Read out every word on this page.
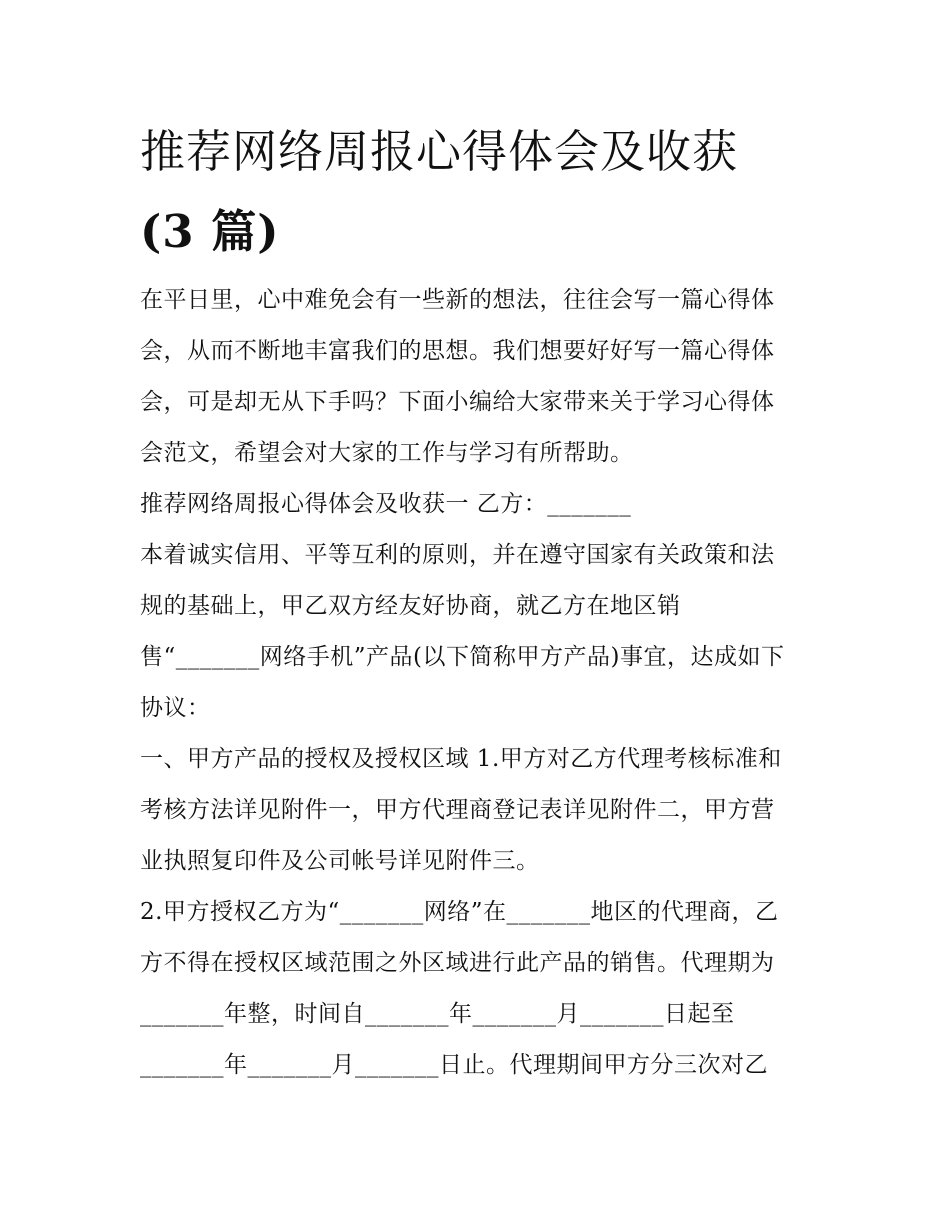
推荐网络周报心得体会及收获
(3 篇)
在平日里，心中难免会有一些新的想法，往往会写一篇心得体
会，从而不断地丰富我们的思想。我们想要好好写一篇心得体
会，可是却无从下手吗？下面小编给大家带来关于学习心得体
会范文，希望会对大家的工作与学习有所帮助。
推荐网络周报心得体会及收获一 乙方：_______
本着诚实信用、平等互利的原则，并在遵守国家有关政策和法
规的基础上，甲乙双方经友好协商，就乙方在地区销
售“_______网络手机”产品(以下简称甲方产品)事宜，达成如下
协议：
一、甲方产品的授权及授权区域 1.甲方对乙方代理考核标准和
考核方法详见附件一，甲方代理商登记表详见附件二，甲方营
业执照复印件及公司帐号详见附件三。
2.甲方授权乙方为“_______网络”在_______地区的代理商，乙
方不得在授权区域范围之外区域进行此产品的销售。代理期为
_______年整，时间自_______年_______月_______日起至
_______年_______月_______日止。代理期间甲方分三次对乙
